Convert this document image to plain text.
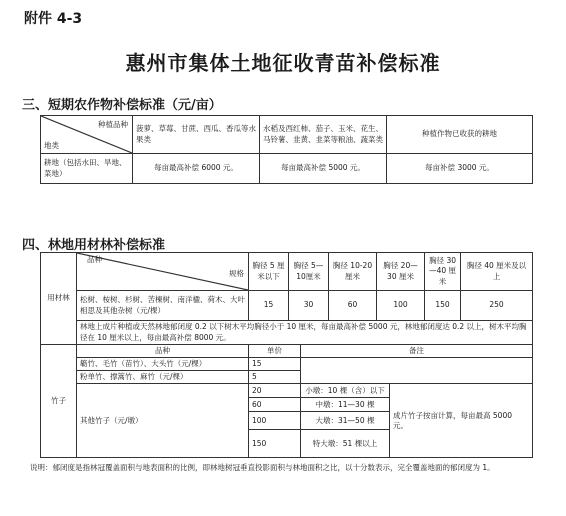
附件 4-3
惠州市集体土地征收青苗补偿标准
三、短期农作物补偿标准（元/亩）
地类
种植品种	菠萝、草莓、甘蔗、西瓜、香瓜等水果类	水稻及西红柿、茄子、玉米、花生、马铃薯、韭黄、韭菜等粮油、蔬菜类	种植作物已收获的耕地
耕地（包括水田、旱地、菜地）	每亩最高补偿 6000 元。	每亩最高补偿 5000 元。	每亩补偿 3000 元。
四、林地用材林补偿标准
用材林	规格
品种	胸径 5 厘米以下	胸径 5—10厘米		胸径 10-20 厘米	胸径 20—30 厘米		胸径 30—40 厘米	胸径 40 厘米及以上
	松树、桉树、杉树、苦楝树、南洋楹、荷木、大叶相思及其他杂树（元/棵）	15	30		60	100		150	250
	林地上成片种植或天然林地郁闭度 0.2 以下树木平均胸径小于 10 厘米，每亩最高补偿 5000 元，林地郁闭度达 0.2 以上，树木平均胸径在 10 厘米以上，每亩最高补偿 8000 元。								
竹子	品种	单价		备注					
	簕竹、毛竹（苗竹）、大头竹（元/棵）	15							
	粉单竹、撑篙竹、麻竹（元/棵）	5							
	其他竹子（元/墩）	20		小墩：10 棵（含）以下			成片竹子按亩计算，每亩最高 5000 元。		
		60		中墩：11—30 棵					
		100		大墩：31—50 棵					
		150		特大墩：51 棵以上					
说明：郁闭度是指林冠覆盖面积与地表面积的比例，即林地树冠垂直投影面积与林地面积之比，以十分数表示，完全覆盖地面的郁闭度为 1。
